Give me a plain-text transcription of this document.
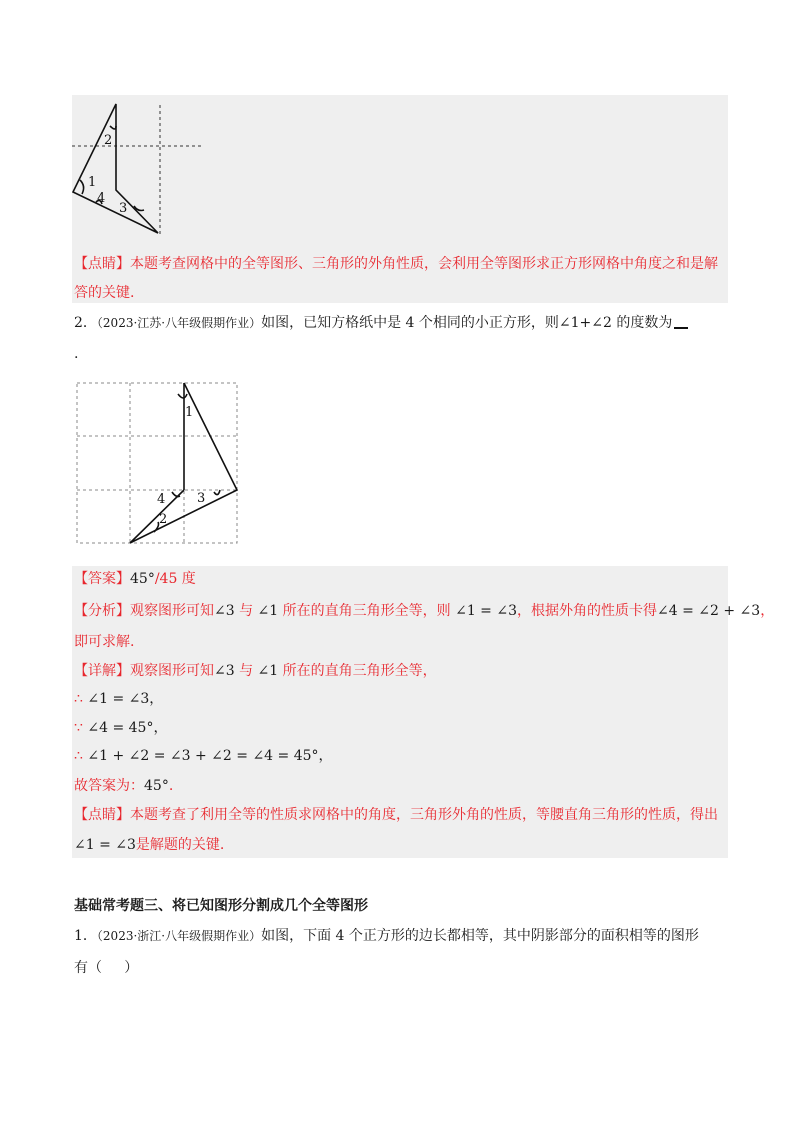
2
1
4
3
【点睛】本题考查网格中的全等图形、三角形的外角性质，会利用全等图形求正方形网格中角度之和是解
答的关键.
2．（2023·江苏·八年级假期作业）如图，已知方格纸中是 4 个相同的小正方形，则∠1+∠2 的度数为
.
1
4 3
2
【答案】45°/45 度
【分析】观察图形可知∠3 与 ∠1 所在的直角三角形全等，则 ∠1 = ∠3，根据外角的性质卡得∠4 = ∠2 + ∠3，
即可求解.
【详解】观察图形可知∠3 与 ∠1 所在的直角三角形全等，
∴ ∠1 = ∠3，
∵ ∠4 = 45°，
∴ ∠1 + ∠2 = ∠3 + ∠2 = ∠4 = 45°，
故答案为：45°.
【点睛】本题考查了利用全等的性质求网格中的角度，三角形外角的性质，等腰直角三角形的性质，得出
∠1 = ∠3是解题的关键.
基础常考题三、将已知图形分割成几个全等图形
1．（2023·浙江·八年级假期作业）如图，下面 4 个正方形的边长都相等，其中阴影部分的面积相等的图形
有（     ）
